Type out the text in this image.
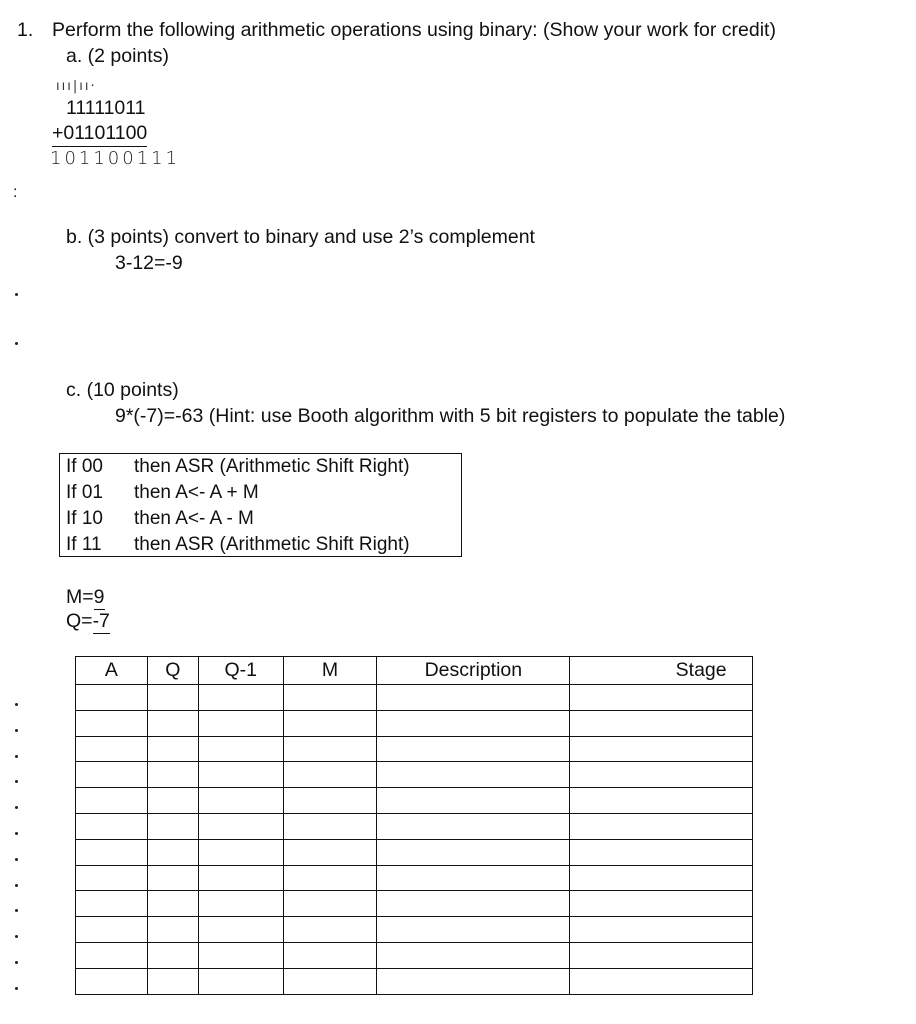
1. Perform the following arithmetic operations using binary: (Show your work for credit)
a. (2 points)
ııı|ıı·
11111011
+01101100
101100111
:
b. (3 points) convert to binary and use 2’s complement
3-12=-9
c. (10 points)
9*(-7)=-63 (Hint: use Booth algorithm with 5 bit registers to populate the table)
If 00 then ASR (Arithmetic Shift Right)
If 01 then A<- A + M
If 10 then A<- A - M
If 11 then ASR (Arithmetic Shift Right)
M=9
Q=-7
A	Q	Q-1	M	Description	Stage
